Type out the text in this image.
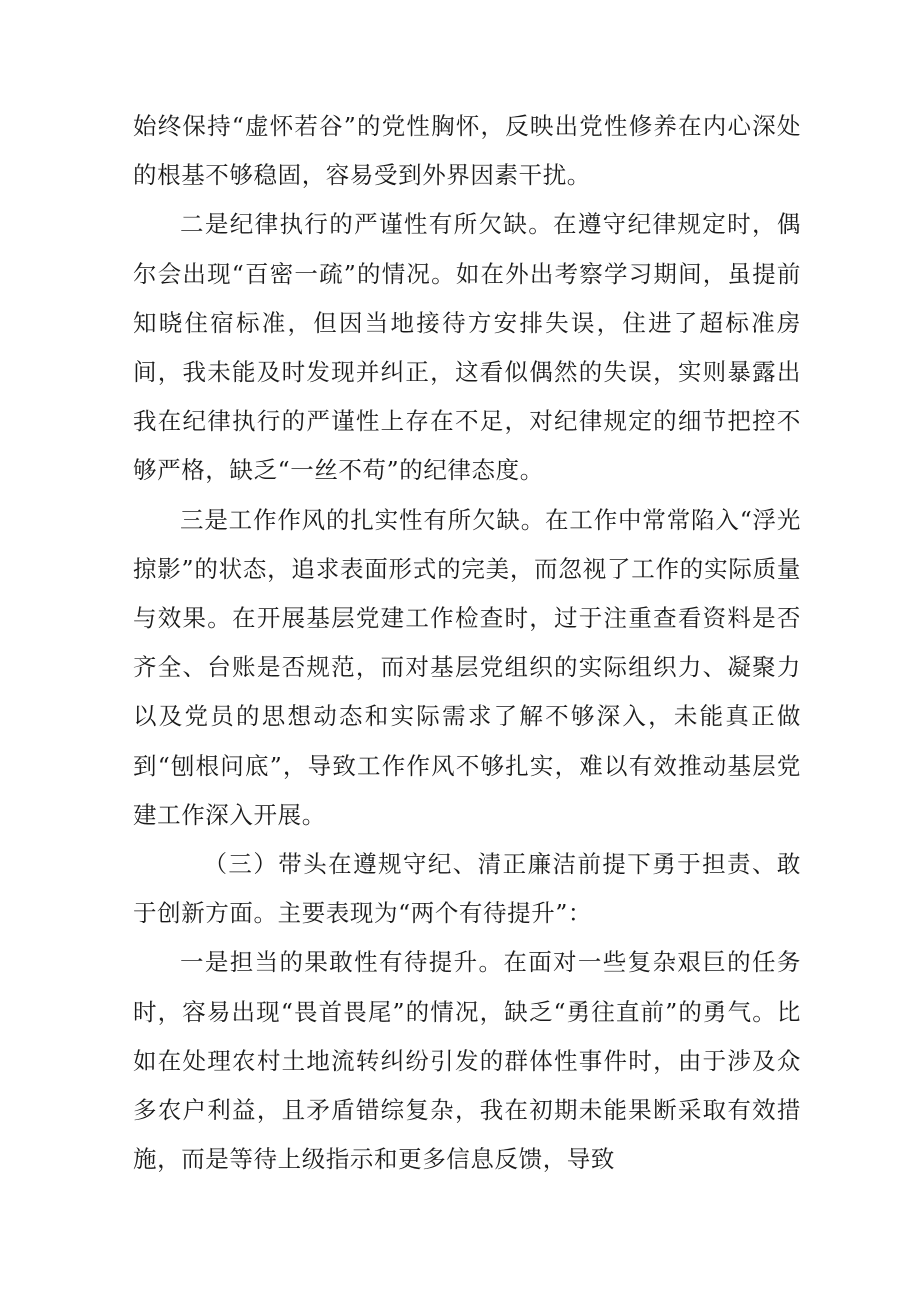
始终保持“虚怀若谷”的党性胸怀，反映出党性修养在内心深处的根基不够稳固，容易受到外界因素干扰。

二是纪律执行的严谨性有所欠缺。在遵守纪律规定时，偶尔会出现“百密一疏”的情况。如在外出考察学习期间，虽提前知晓住宿标准，但因当地接待方安排失误，住进了超标准房间，我未能及时发现并纠正，这看似偶然的失误，实则暴露出我在纪律执行的严谨性上存在不足，对纪律规定的细节把控不够严格，缺乏“一丝不苟”的纪律态度。

三是工作作风的扎实性有所欠缺。在工作中常常陷入“浮光掠影”的状态，追求表面形式的完美，而忽视了工作的实际质量与效果。在开展基层党建工作检查时，过于注重查看资料是否齐全、台账是否规范，而对基层党组织的实际组织力、凝聚力以及党员的思想动态和实际需求了解不够深入，未能真正做到“刨根问底”，导致工作作风不够扎实，难以有效推动基层党建工作深入开展。

（三）带头在遵规守纪、清正廉洁前提下勇于担责、敢于创新方面。主要表现为“两个有待提升”：

一是担当的果敢性有待提升。在面对一些复杂艰巨的任务时，容易出现“畏首畏尾”的情况，缺乏“勇往直前”的勇气。比如在处理农村土地流转纠纷引发的群体性事件时，由于涉及众多农户利益，且矛盾错综复杂，我在初期未能果断采取有效措施，而是等待上级指示和更多信息反馈，导致
